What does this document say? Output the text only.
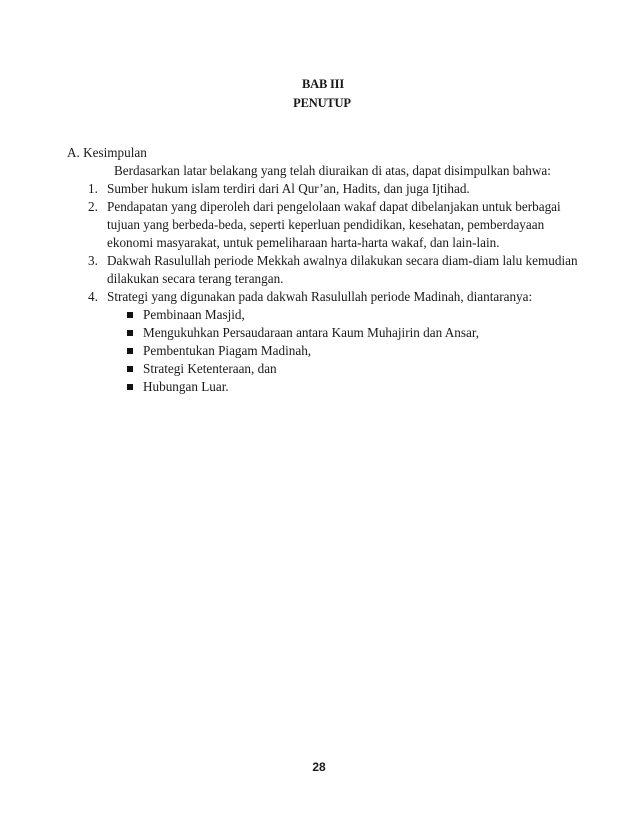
BAB III
PENUTUP
A. Kesimpulan
Berdasarkan latar belakang yang telah diuraikan di atas, dapat disimpulkan bahwa:
1. Sumber hukum islam terdiri dari Al Qur’an, Hadits, dan juga Ijtihad.
2. Pendapatan yang diperoleh dari pengelolaan wakaf dapat dibelanjakan untuk berbagai
tujuan yang berbeda-beda, seperti keperluan pendidikan, kesehatan, pemberdayaan
ekonomi masyarakat, untuk pemeliharaan harta-harta wakaf, dan lain-lain.
3. Dakwah Rasulullah periode Mekkah awalnya dilakukan secara diam-diam lalu kemudian
dilakukan secara terang terangan.
4. Strategi yang digunakan pada dakwah Rasulullah periode Madinah, diantaranya:
Pembinaan Masjid,
Mengukuhkan Persaudaraan antara Kaum Muhajirin dan Ansar,
Pembentukan Piagam Madinah,
Strategi Ketenteraan, dan
Hubungan Luar.
28
